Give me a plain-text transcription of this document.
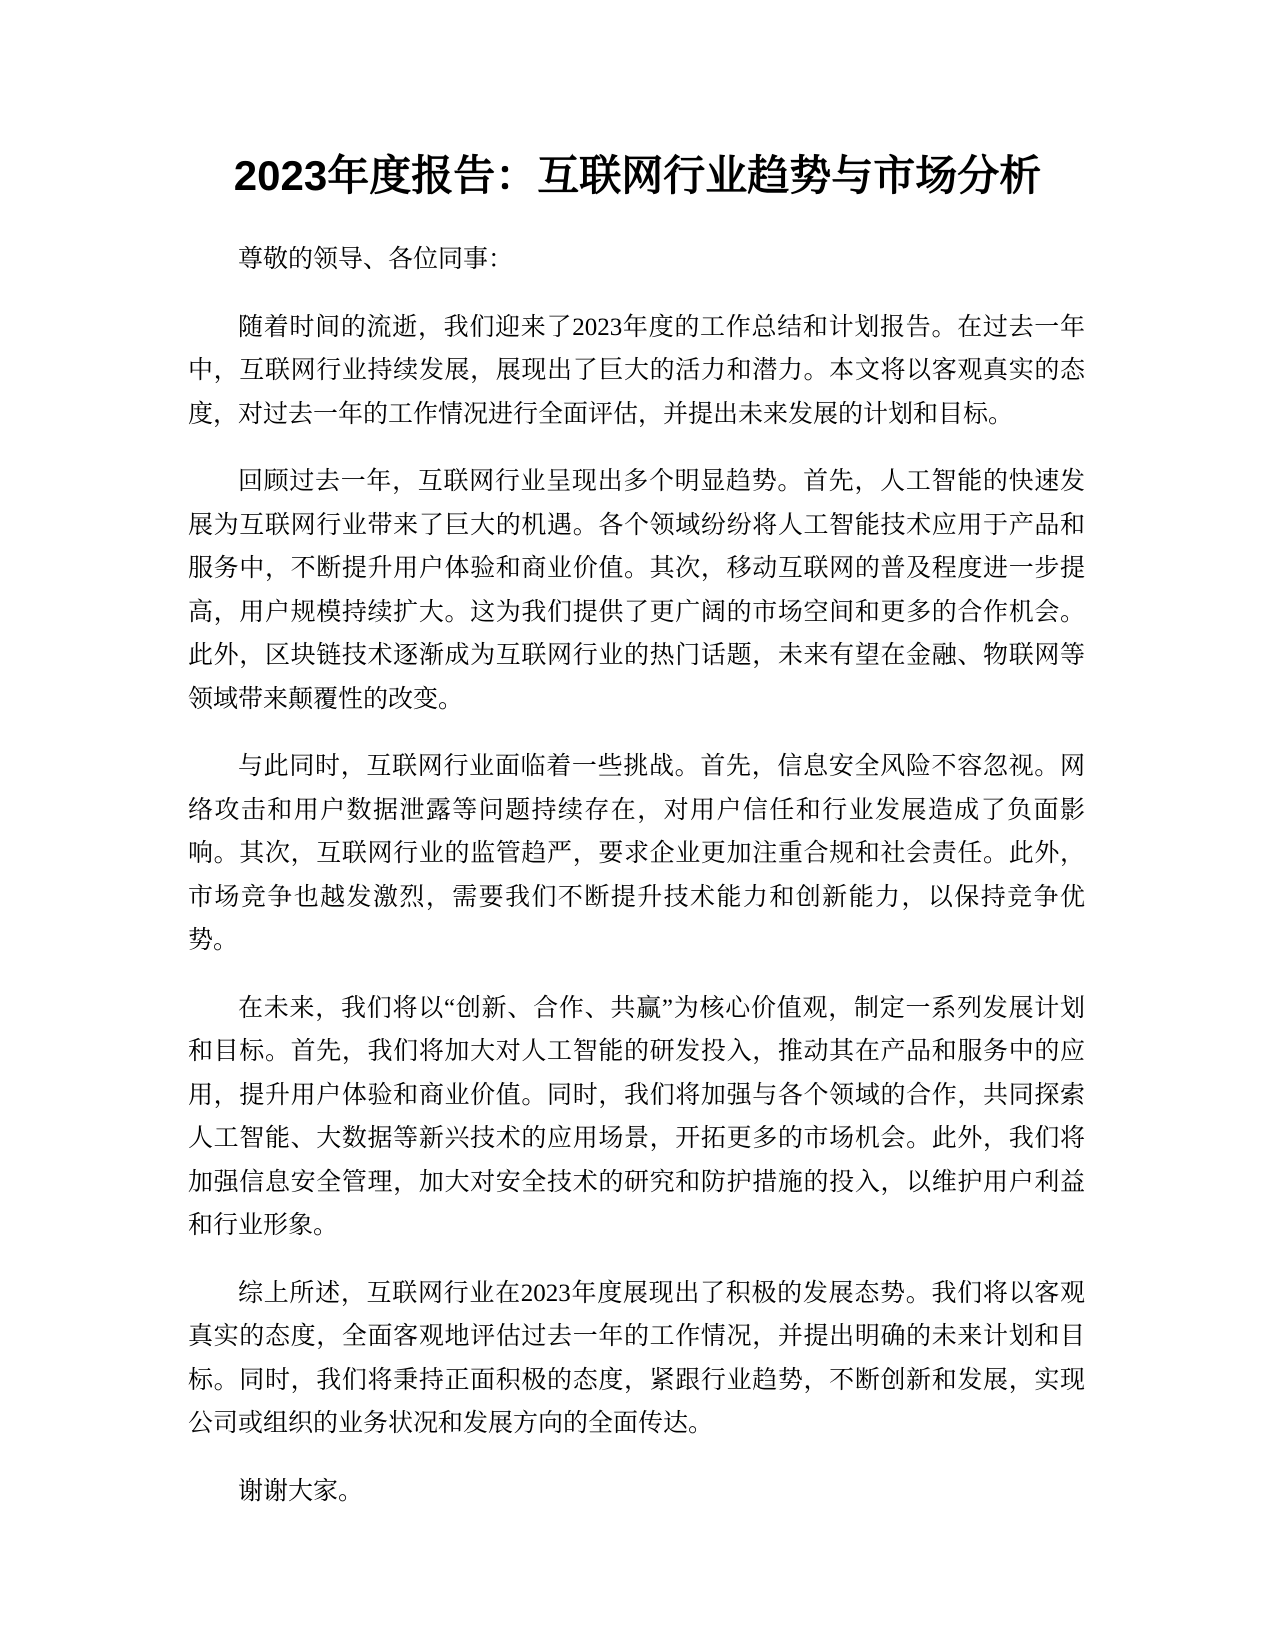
2023年度报告：互联网行业趋势与市场分析

尊敬的领导、各位同事：

随着时间的流逝，我们迎来了2023年度的工作总结和计划报告。在过去一年中，互联网行业持续发展，展现出了巨大的活力和潜力。本文将以客观真实的态度，对过去一年的工作情况进行全面评估，并提出未来发展的计划和目标。

回顾过去一年，互联网行业呈现出多个明显趋势。首先，人工智能的快速发展为互联网行业带来了巨大的机遇。各个领域纷纷将人工智能技术应用于产品和服务中，不断提升用户体验和商业价值。其次，移动互联网的普及程度进一步提高，用户规模持续扩大。这为我们提供了更广阔的市场空间和更多的合作机会。此外，区块链技术逐渐成为互联网行业的热门话题，未来有望在金融、物联网等领域带来颠覆性的改变。

与此同时，互联网行业面临着一些挑战。首先，信息安全风险不容忽视。网络攻击和用户数据泄露等问题持续存在，对用户信任和行业发展造成了负面影响。其次，互联网行业的监管趋严，要求企业更加注重合规和社会责任。此外，市场竞争也越发激烈，需要我们不断提升技术能力和创新能力，以保持竞争优势。

在未来，我们将以“创新、合作、共赢”为核心价值观，制定一系列发展计划和目标。首先，我们将加大对人工智能的研发投入，推动其在产品和服务中的应用，提升用户体验和商业价值。同时，我们将加强与各个领域的合作，共同探索人工智能、大数据等新兴技术的应用场景，开拓更多的市场机会。此外，我们将加强信息安全管理，加大对安全技术的研究和防护措施的投入，以维护用户利益和行业形象。

综上所述，互联网行业在2023年度展现出了积极的发展态势。我们将以客观真实的态度，全面客观地评估过去一年的工作情况，并提出明确的未来计划和目标。同时，我们将秉持正面积极的态度，紧跟行业趋势，不断创新和发展，实现公司或组织的业务状况和发展方向的全面传达。

谢谢大家。
